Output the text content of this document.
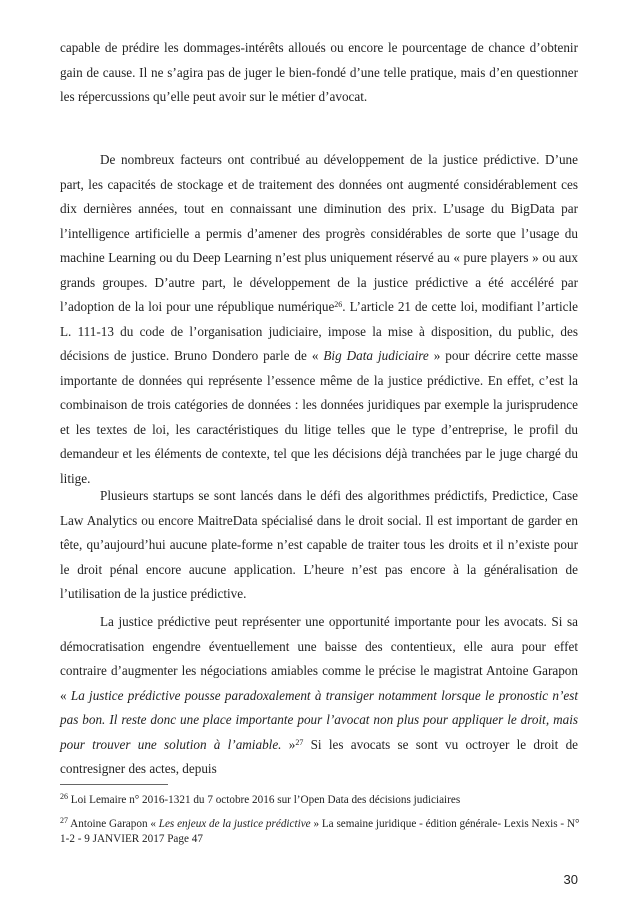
capable de prédire les dommages-intérêts alloués ou encore le pourcentage de chance d’obtenir gain de cause. Il ne s’agira pas de juger le bien-fondé d’une telle pratique, mais d’en questionner les répercussions qu’elle peut avoir sur le métier d’avocat.

De nombreux facteurs ont contribué au développement de la justice prédictive. D’une part, les capacités de stockage et de traitement des données ont augmenté considérablement ces dix dernières années, tout en connaissant une diminution des prix. L’usage du BigData par l’intelligence artificielle a permis d’amener des progrès considérables de sorte que l’usage du machine Learning ou du Deep Learning n’est plus uniquement réservé au « pure players » ou aux grands groupes. D’autre part, le développement de la justice prédictive a été accéléré par l’adoption de la loi pour une république numérique$^{26}$. L’article 21 de cette loi, modifiant l’article L. 111-13 du code de l’organisation judiciaire, impose la mise à disposition, du public, des décisions de justice. Bruno Dondero parle de « Big Data judiciaire » pour décrire cette masse importante de données qui représente l’essence même de la justice prédictive. En effet, c’est la combinaison de trois catégories de données : les données juridiques par exemple la jurisprudence et les textes de loi, les caractéristiques du litige telles que le type d’entreprise, le profil du demandeur et les éléments de contexte, tel que les décisions déjà tranchées par le juge chargé du litige.

Plusieurs startups se sont lancés dans le défi des algorithmes prédictifs, Predictice, Case Law Analytics ou encore MaitreData spécialisé dans le droit social. Il est important de garder en tête, qu’aujourd’hui aucune plate-forme n’est capable de traiter tous les droits et il n’existe pour le droit pénal encore aucune application. L’heure n’est pas encore à la généralisation de l’utilisation de la justice prédictive.

La justice prédictive peut représenter une opportunité importante pour les avocats. Si sa démocratisation engendre éventuellement une baisse des contentieux, elle aura pour effet contraire d’augmenter les négociations amiables comme le précise le magistrat Antoine Garapon « La justice prédictive pousse paradoxalement à transiger notamment lorsque le pronostic n’est pas bon. Il reste donc une place importante pour l’avocat non plus pour appliquer le droit, mais pour trouver une solution à l’amiable. »$^{27}$ Si les avocats se sont vu octroyer le droit de contresigner des actes, depuis

$^{26}$ Loi Lemaire n° 2016-1321 du 7 octobre 2016 sur l’Open Data des décisions judiciaires
$^{27}$ Antoine Garapon « Les enjeux de la justice prédictive » La semaine juridique - édition générale- Lexis Nexis - N° 1-2 - 9 JANVIER 2017 Page 47
30
